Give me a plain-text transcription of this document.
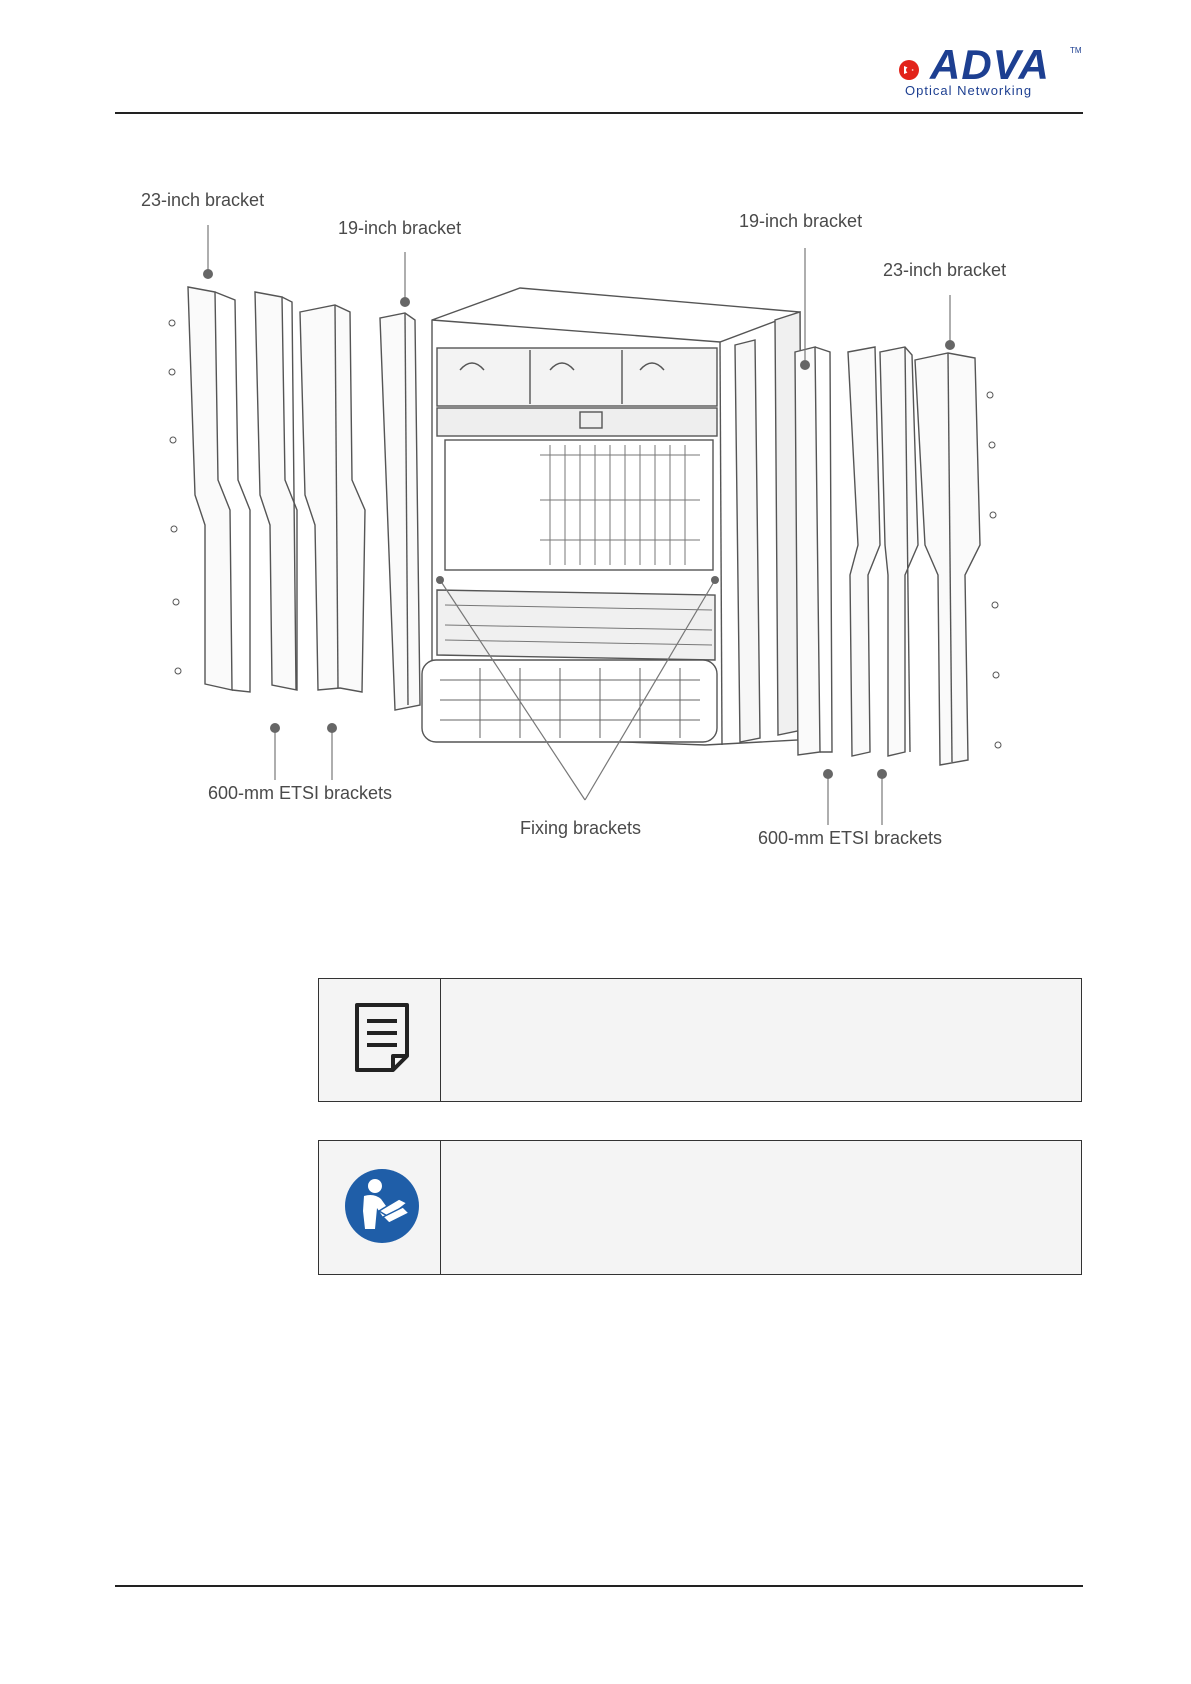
ADVA	TM
Optical Networking
23-inch bracket
19-inch bracket	19-inch bracket
23-inch bracket
600-mm ETSI brackets
Fixing brackets	600-mm ETSI brackets
